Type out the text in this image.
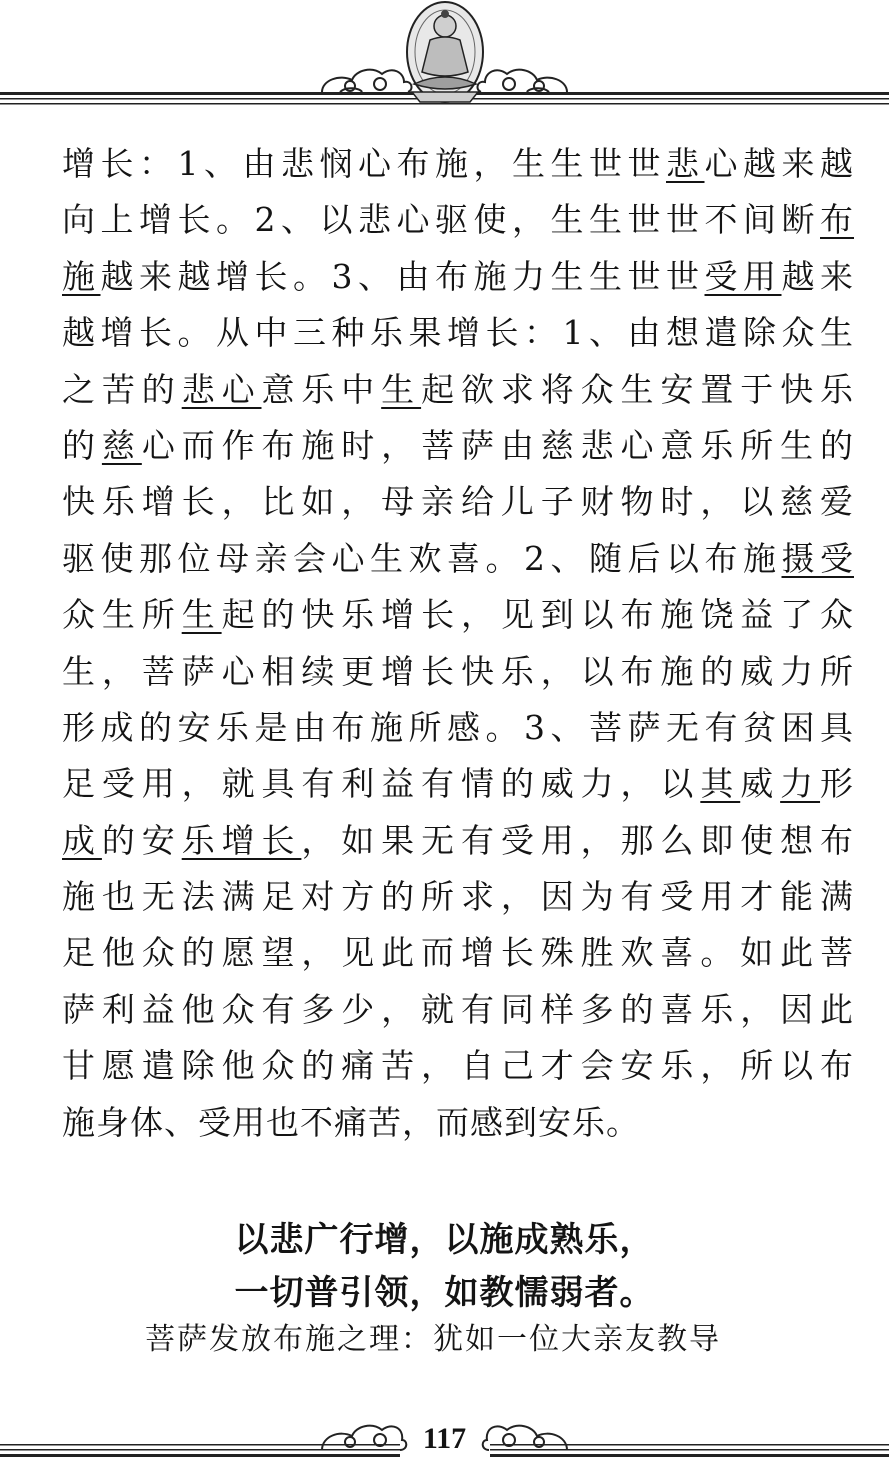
增长：1、由悲悯心布施，生生世世悲心越来越
向上增长。2、以悲心驱使，生生世世不间断布
施越来越增长。3、由布施力生生世世受用越来
越增长。从中三种乐果增长：1、由想遣除众生
之苦的悲心意乐中生起欲求将众生安置于快乐
的慈心而作布施时，菩萨由慈悲心意乐所生的
快乐增长，比如，母亲给儿子财物时，以慈爱
驱使那位母亲会心生欢喜。2、随后以布施摄受
众生所生起的快乐增长，见到以布施饶益了众
生，菩萨心相续更增长快乐，以布施的威力所
形成的安乐是由布施所感。3、菩萨无有贫困具
足受用，就具有利益有情的威力，以其威力形
成的安乐增长，如果无有受用，那么即使想布
施也无法满足对方的所求，因为有受用才能满
足他众的愿望，见此而增长殊胜欢喜。如此菩
萨利益他众有多少，就有同样多的喜乐，因此
甘愿遣除他众的痛苦，自己才会安乐，所以布
施身体、受用也不痛苦，而感到安乐。
以悲广行增，以施成熟乐，
一切普引领，如教懦弱者。
菩萨发放布施之理：犹如一位大亲友教导
117
